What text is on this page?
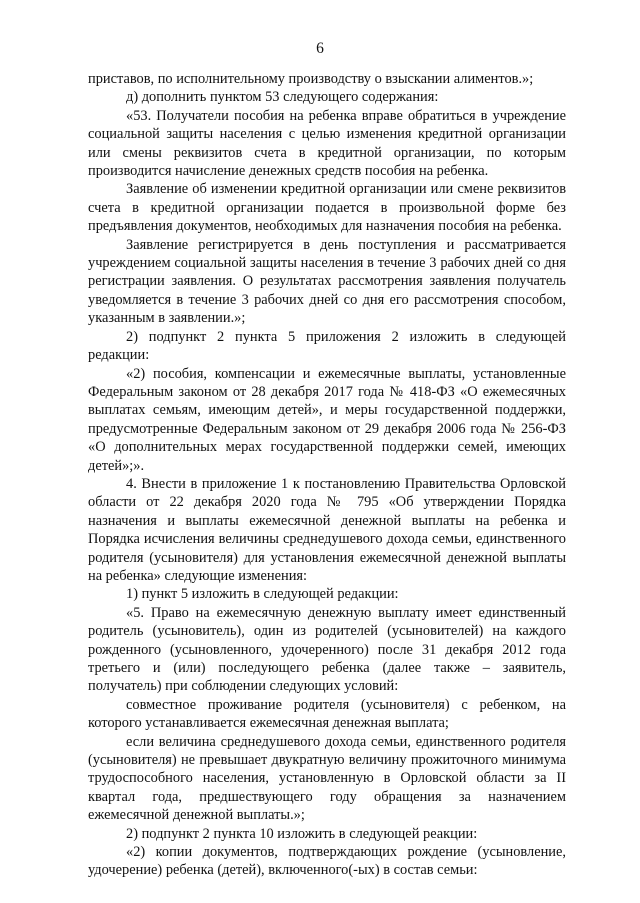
6

приставов, по исполнительному производству о взыскании алиментов.»;

д) дополнить пунктом 53 следующего содержания:

«53. Получатели пособия на ребенка вправе обратиться в учреждение социальной защиты населения с целью изменения кредитной организации или смены реквизитов счета в кредитной организации, по которым производится начисление денежных средств пособия на ребенка.

Заявление об изменении кредитной организации или смене реквизитов счета в кредитной организации подается в произвольной форме без предъявления документов, необходимых для назначения пособия на ребенка.

Заявление регистрируется в день поступления и рассматривается учреждением социальной защиты населения в течение 3 рабочих дней со дня регистрации заявления. О результатах рассмотрения заявления получатель уведомляется в течение 3 рабочих дней со дня его рассмотрения способом, указанным в заявлении.»;

2) подпункт 2 пункта 5 приложения 2 изложить в следующей редакции:

«2) пособия, компенсации и ежемесячные выплаты, установленные Федеральным законом от 28 декабря 2017 года № 418-ФЗ «О ежемесячных выплатах семьям, имеющим детей», и меры государственной поддержки, предусмотренные Федеральным законом от 29 декабря 2006 года № 256-ФЗ «О дополнительных мерах государственной поддержки семей, имеющих детей»;».

4. Внести в приложение 1 к постановлению Правительства Орловской области от 22 декабря 2020 года № 795 «Об утверждении Порядка назначения и выплаты ежемесячной денежной выплаты на ребенка и Порядка исчисления величины среднедушевого дохода семьи, единственного родителя (усыновителя) для установления ежемесячной денежной выплаты на ребенка» следующие изменения:

1) пункт 5 изложить в следующей редакции:

«5. Право на ежемесячную денежную выплату имеет единственный родитель (усыновитель), один из родителей (усыновителей) на каждого рожденного (усыновленного, удочеренного) после 31 декабря 2012 года третьего и (или) последующего ребенка (далее также – заявитель, получатель) при соблюдении следующих условий:

совместное проживание родителя (усыновителя) с ребенком, на которого устанавливается ежемесячная денежная выплата;

если величина среднедушевого дохода семьи, единственного родителя (усыновителя) не превышает двукратную величину прожиточного минимума трудоспособного населения, установленную в Орловской области за II квартал года, предшествующего году обращения за назначением ежемесячной денежной выплаты.»;

2) подпункт 2 пункта 10 изложить в следующей реакции:

«2) копии документов, подтверждающих рождение (усыновление, удочерение) ребенка (детей), включенного(-ых) в состав семьи:
